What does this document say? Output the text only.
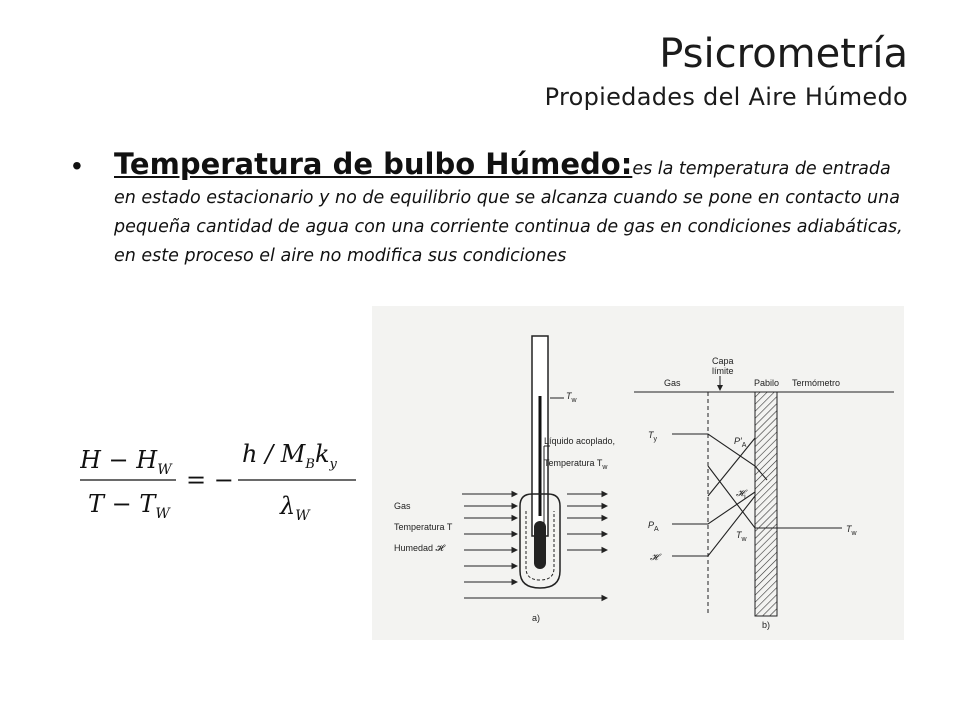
Psicrometría
Propiedades del Aire Húmedo
• Temperatura de bulbo Húmedo:es la temperatura de entrada en estado estacionario y no de equilibrio que se alcanza cuando se pone en contacto una pequeña cantidad de agua con una corriente continua de gas en condiciones adiabáticas, en este proceso el aire no modifica sus condiciones
$H - H_W$
$T - T_W$
= −
h / $M_Bk_y$
$\lambda_W$
$T_w$
Líquido acoplado,
Temperatura $T_w$
Gas
Temperatura T
Humedad 𝓗
a)
Capa
límite
Gas	Pabilo Termómetro
$T_y$	$P'_A$
𝓗$_i$
$P_A$
𝓗
$T_w$
$T_w$
b)
